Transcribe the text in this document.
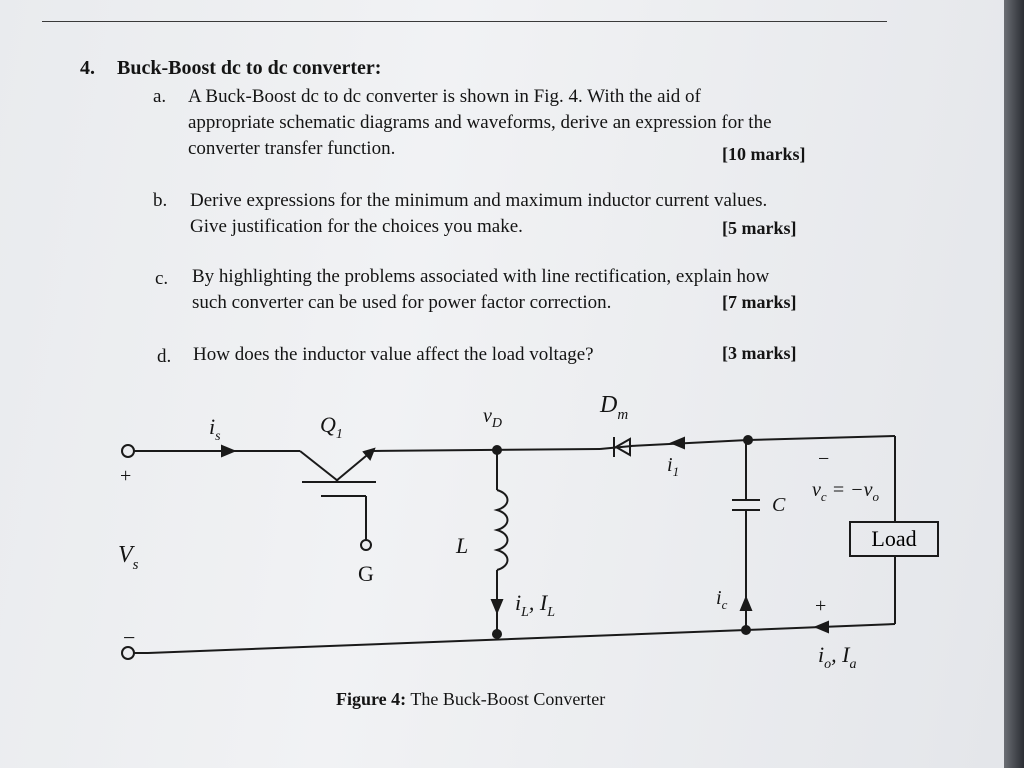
4. Buck-Boost dc to dc converter:
a. A Buck-Boost dc to dc converter is shown in Fig. 4. With the aid of
appropriate schematic diagrams and waveforms, derive an expression for the
converter transfer function.	[10 marks]
b. Derive expressions for the minimum and maximum inductor current values.
Give justification for the choices you make.	[5 marks]
c. By highlighting the problems associated with line rectification, explain how
such converter can be used for power factor correction.	[7 marks]
d. How does the inductor value affect the load voltage?	[3 marks]
$i_s$	$Q_1$
$v_D$
$D_m$
$i_1$
+
$V_s$
−
G
L
$i_L$, $I_L$
−
C
$v_c = -v_o$
$i_c$	+
$i_o$, $I_a$
Load
Figure 4: The Buck-Boost Converter
